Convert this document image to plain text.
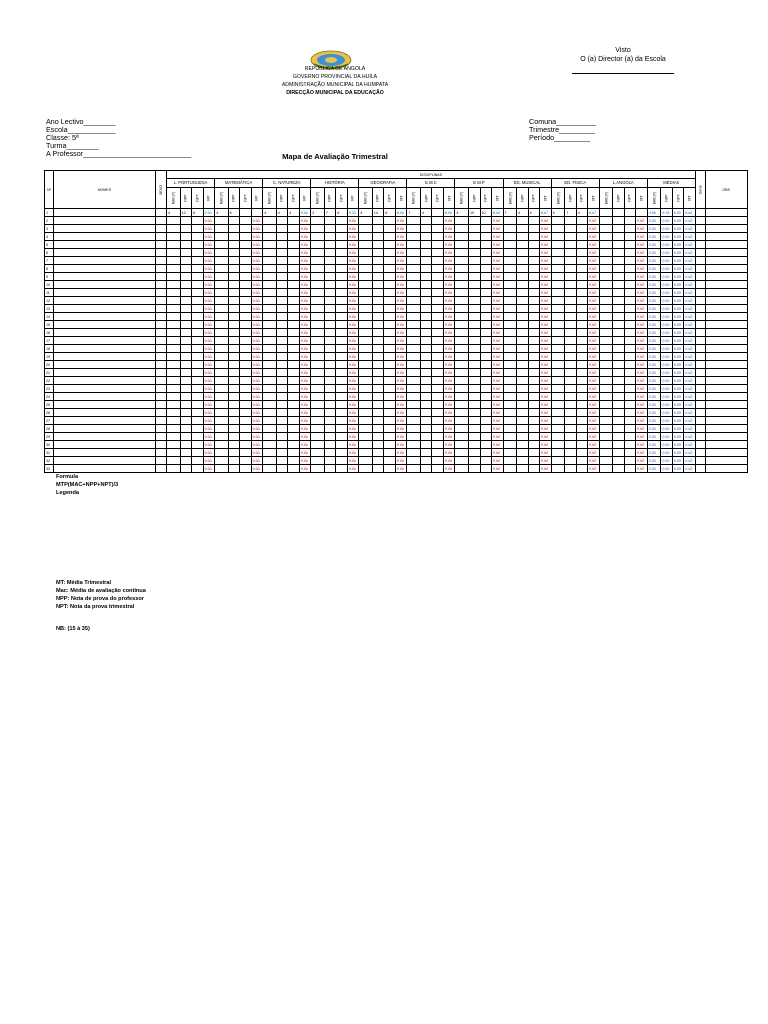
REPÚBLICA DE ANGOLA
GOVERNO PROVINCIAL DA HUÍLA
ADMINISTRAÇÃO MUNICIPAL DA HUMPATA
DIRECÇÃO MUNICIPAL DA EDUCAÇÃO
Visto
O (a) Director (a) da Escola
Ano Lectivo________
Escola____________
Classe: 5ª
Turma________
A Professor___________________________
Comuna__________
Trimestre_________
Período_________
Mapa de Avaliação Trimestral
Nº	NOMES	SEXO	DISCIPLINAS																																												Geral	OBS
			L. PORTUGUESA				MATEMÁTICA				C. NATUREZA				HISTÓRIA				GEOGRAFIA				E.M.C				E.M.P				ED. MUSICAL				ED. FÍSICA				L.ANGOLA				MÉDIAS					
			MAC(T)	NPP	NPT	MT	MAC(T)	NPP	NPT	MT	MAC(T)	NPP	NPT	MT	MAC(T)	NPP	NPT	MT	MAC(T)	NPP	NPT	MT	MAC(T)	NPP	NPT	MT	MAC(T)	NPP	NPT	MT	MAC(T)	NPP	NPT	MT	MAC(T)	NPP	NPT	MT	MAC(T)	NPP	NPT	MT	MAC(T)	NPP	NPT	MT		
1			4	12	6	2.00	4	6			4	4	4	4.00	2	7	6	5.33	4	14	6	8.00	7	4		6.00	4	10	10	8.00	7	4	4	6.67	4	7	4	6.67					4.56	6.78	6.00	5.64		
2						0.00				0.00				0.00				0.00				0.00				0.00				0.00				0.00				0.00				0.00	0.00	0.00	0.00	0.00		
3						0.00				0.00				0.00				0.00				0.00				0.00				0.00				0.00				0.00				0.00	0.00	0.00	0.00	0.00		
4						0.00				0.00				0.00				0.00				0.00				0.00				0.00				0.00				0.00				0.00	0.00	0.00	0.00	0.00		
5						0.00				0.00				0.00				0.00				0.00				0.00				0.00				0.00				0.00				0.00	0.00	0.00	0.00	0.00		
6						0.00				0.00				0.00				0.00				0.00				0.00				0.00				0.00				0.00				0.00	0.00	0.00	0.00	0.00		
7						0.00				0.00				0.00				0.00				0.00				0.00				0.00				0.00				0.00				0.00	0.00	0.00	0.00	0.00		
8						0.00				0.00				0.00				0.00				0.00				0.00				0.00				0.00				0.00				0.00	0.00	0.00	0.00	0.00		
9						0.00				0.00				0.00				0.00				0.00				0.00				0.00				0.00				0.00				0.00	0.00	0.00	0.00	0.00		
10						0.00				0.00				0.00				0.00				0.00				0.00				0.00				0.00				0.00				0.00	0.00	0.00	0.00	0.00		
11						0.00				0.00				0.00				0.00				0.00				0.00				0.00				0.00				0.00				0.00	0.00	0.00	0.00	0.00		
12						0.00				0.00				0.00				0.00				0.00				0.00				0.00				0.00				0.00				0.00	0.00	0.00	0.00	0.00		
13						0.00				0.00				0.00				0.00				0.00				0.00				0.00				0.00				0.00				0.00	0.00	0.00	0.00	0.00		
14						0.00				0.00				0.00				0.00				0.00				0.00				0.00				0.00				0.00				0.00	0.00	0.00	0.00	0.00		
15						0.00				0.00				0.00				0.00				0.00				0.00				0.00				0.00				0.00				0.00	0.00	0.00	0.00	0.00		
16						0.00				0.00				0.00				0.00				0.00				0.00				0.00				0.00				0.00				0.00	0.00	0.00	0.00	0.00		
17						0.00				0.00				0.00				0.00				0.00				0.00				0.00				0.00				0.00				0.00	0.00	0.00	0.00	0.00		
18						0.00				0.00				0.00				0.00				0.00				0.00				0.00				0.00				0.00				0.00	0.00	0.00	0.00	0.00		
19						0.00				0.00				0.00				0.00				0.00				0.00				0.00				0.00				0.00				0.00	0.00	0.00	0.00	0.00		
20						0.00				0.00				0.00				0.00				0.00				0.00				0.00				0.00				0.00				0.00	0.00	0.00	0.00	0.00		
21						0.00				0.00				0.00				0.00				0.00				0.00				0.00				0.00				0.00				0.00	0.00	0.00	0.00	0.00		
22						0.00				0.00				0.00				0.00				0.00				0.00				0.00				0.00				0.00				0.00	0.00	0.00	0.00	0.00		
23						0.00				0.00				0.00				0.00				0.00				0.00				0.00				0.00				0.00				0.00	0.00	0.00	0.00	0.00		
24						0.00				0.00				0.00				0.00				0.00				0.00				0.00				0.00				0.00				0.00	0.00	0.00	0.00	0.00		
25						0.00				0.00				0.00				0.00				0.00				0.00				0.00				0.00				0.00				0.00	0.00	0.00	0.00	0.00		
26						0.00				0.00				0.00				0.00				0.00				0.00				0.00				0.00				0.00				0.00	0.00	0.00	0.00	0.00		
27						0.00				0.00				0.00				0.00				0.00				0.00				0.00				0.00				0.00				0.00	0.00	0.00	0.00	0.00		
28						0.00				0.00				0.00				0.00				0.00				0.00				0.00				0.00				0.00				0.00	0.00	0.00	0.00	0.00		
29						0.00				0.00				0.00				0.00				0.00				0.00				0.00				0.00				0.00				0.00	0.00	0.00	0.00	0.00		
30						0.00				0.00				0.00				0.00				0.00				0.00				0.00				0.00				0.00				0.00	0.00	0.00	0.00	0.00		
31						0.00				0.00				0.00				0.00				0.00				0.00				0.00				0.00				0.00				0.00	0.00	0.00	0.00	0.00		
32						0.00				0.00				0.00				0.00				0.00				0.00				0.00				0.00				0.00				0.00	0.00	0.00	0.00	0.00		
33						0.00				0.00				0.00				0.00				0.00				0.00				0.00				0.00				0.00				0.00	0.00	0.00	0.00	0.00		
Formula
MTP(MAC+NPP+NPT)/3
Legenda
MT: Média Trimestral
Mac: Média de avaliação contínua
NPP: Nota de prova do professor
NPT: Nota da prova trimestral
NB: (15 à 35)
